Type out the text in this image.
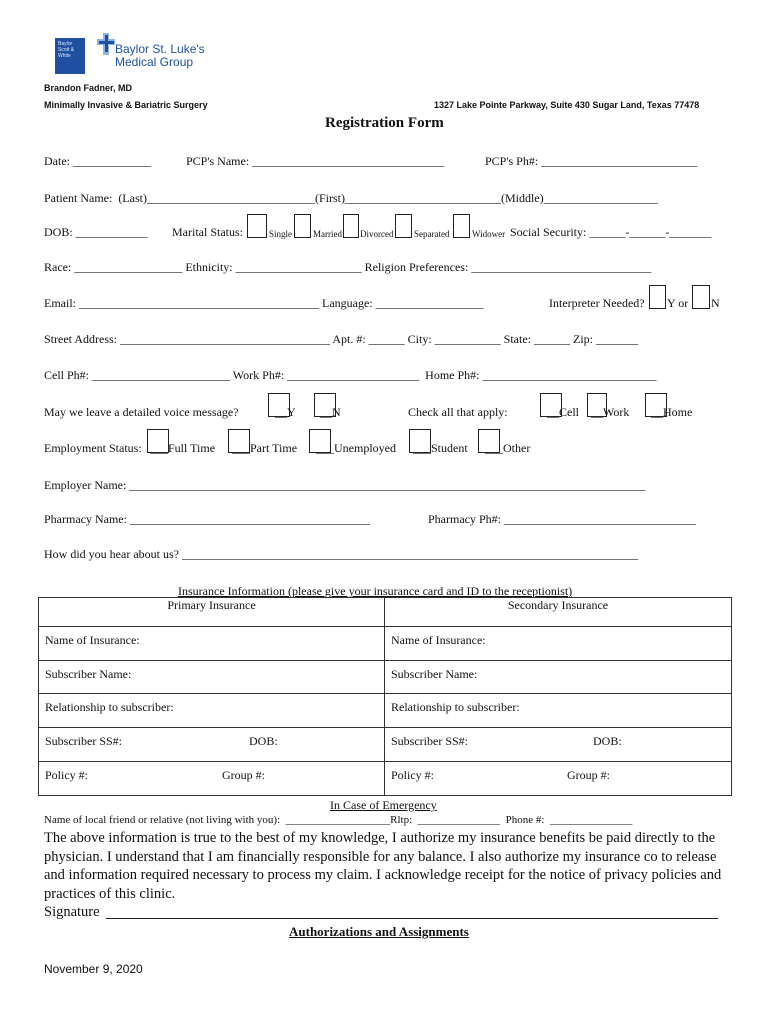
Baylor Scott & White	Baylor St. Luke's
Medical Group
Brandon Fadner, MD
Minimally Invasive & Bariatric Surgery	1327 Lake Pointe Parkway, Suite 430 Sugar Land, Texas 77478
Registration Form
Date: _____________	PCP's Name: ________________________________	PCP's Ph#: __________________________
Patient Name:  (Last)____________________________(First)__________________________(Middle)___________________
DOB: ____________ Marital Status:	Single Married Divorced Separated	Widower Social Security: ______-______-_______
Race: __________________ Ethnicity: _____________________ Religion Preferences: ______________________________
Email: ________________________________________ Language: __________________	Interpreter Needed? Y or N
Street Address: ___________________________________ Apt. #: ______ City: ___________ State: ______ Zip: _______
Cell Ph#: _______________________ Work Ph#: ______________________  Home Ph#: _____________________________
May we leave a detailed voice message?	__Y __N	Check all that apply:	__Cell __Work __Home
Employment Status: ___Full Time ___Part Time ___Unemployed ___Student ___Other
Employer Name: ______________________________________________________________________________________
Pharmacy Name: ________________________________________	Pharmacy Ph#: ________________________________
How did you hear about us? ____________________________________________________________________________
Insurance Information (please give your insurance card and ID to the receptionist)
Primary Insurance	Secondary Insurance
Name of Insurance:	Name of Insurance:
Subscriber Name:	Subscriber Name:
Relationship to subscriber:	Relationship to subscriber:
Subscriber SS#: DOB:	Subscriber SS#: DOB:

Policy #: Group #:	Policy #: Group #:
In Case of Emergency
Name of local friend or relative (not living with you):  ___________________Rltp:  _______________  Phone #:  _______________
The above information is true to the best of my knowledge, I authorize my insurance benefits be paid directly to the physician. I understand that I am financially responsible for any balance. I also authorize my insurance co to release and information required necessary to process my claim. I acknowledge receipt for the notice of privacy policies and practices of this clinic.
Signature
Authorizations and Assignments
November 9, 2020
